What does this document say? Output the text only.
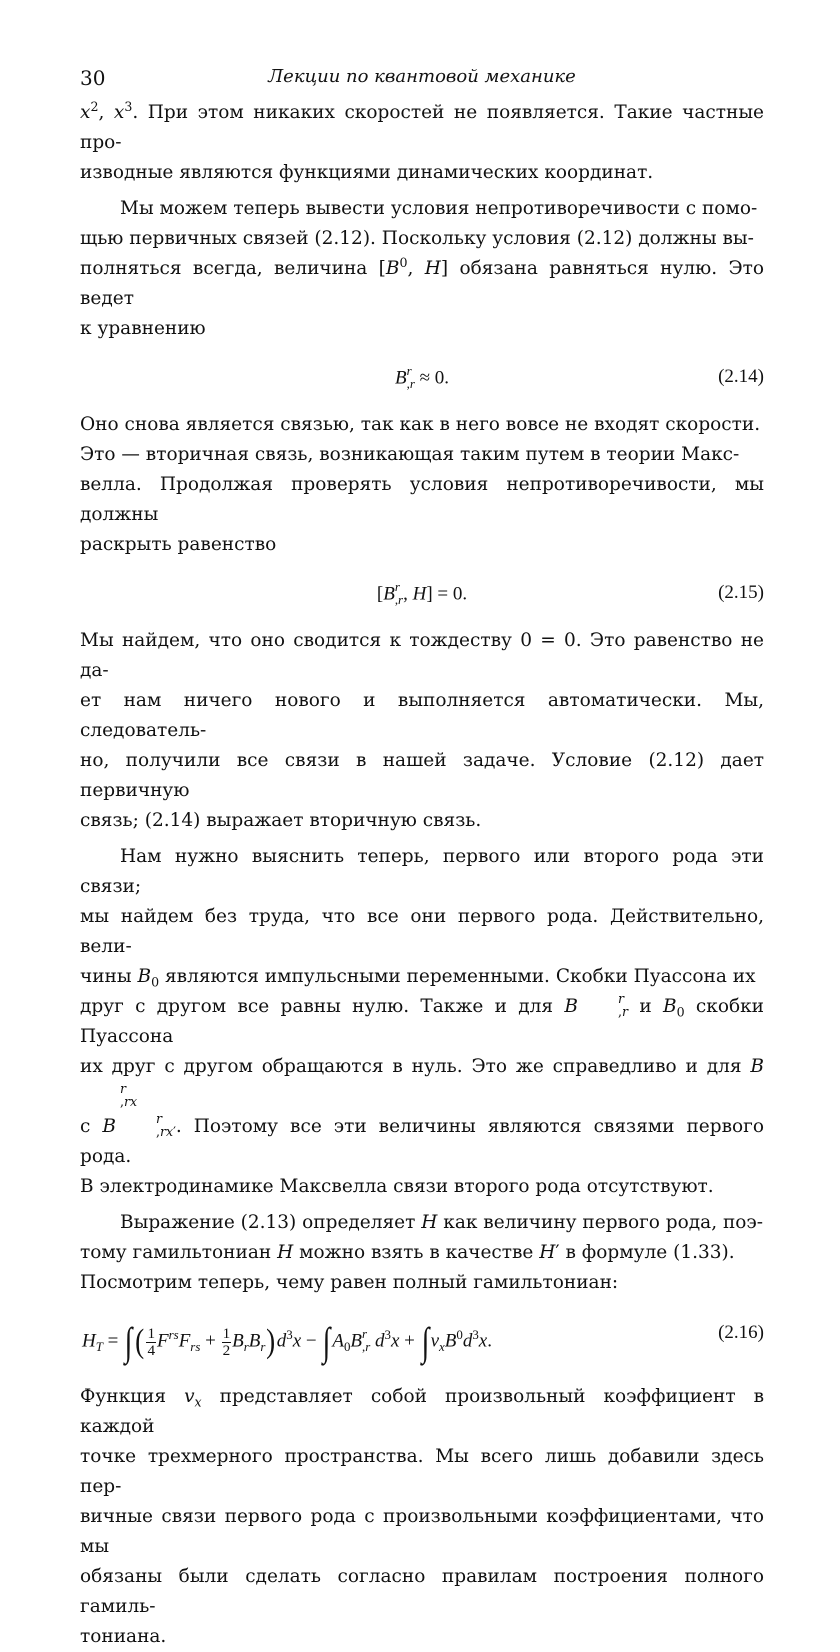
30	Лекции по квантовой механике

$x^2$, $x^3$. При этом никаких скоростей не появляется. Такие частные про-
изводные являются функциями динамических координат.

Мы можем теперь вывести условия непротиворечивости с помо-
щью первичных связей (2.12). Поскольку условия (2.12) должны вы-
полняться всегда, величина [$B^0$, H] обязана равняться нулю. Это ведет
к уравнению

B r
,r ≈ 0.	(2.14)

Оно снова является связью, так как в него вовсе не входят скорости.
Это — вторичная связь, возникающая таким путем в теории Макс-
велла. Продолжая проверять условия непротиворечивости, мы должны
раскрыть равенство

[B r
,r , H] = 0.	(2.15)

Мы найдем, что оно сводится к тождеству 0 = 0. Это равенство не да-
ет нам ничего нового и выполняется автоматически. Мы, следователь-
но, получили все связи в нашей задаче. Условие (2.12) дает первичную
связь; (2.14) выражает вторичную связь.

Нам нужно выяснить теперь, первого или второго рода эти связи;
мы найдем без труда, что все они первого рода. Действительно, вели-
чины $B_0$ являются импульсными переменными. Скобки Пуассона их
друг с другом все равны нулю. Также и для B	r
,r и $B_0$ скобки Пуассона
их друг с другом обращаются в нуль. Это же справедливо и для B
r
,rx

с B	r
,rx′ . Поэтому все эти величины являются связями первого рода.
В электродинамике Максвелла связи второго рода отсутствуют.

Выражение (2.13) определяет H как величину первого рода, поэ-
тому гамильтониан H можно взять в качестве H′ в формуле (1.33).
Посмотрим теперь, чему равен полный гамильтониан:

$H_T$ = ∫( $\frac{1}{4} F^{rs}F_{rs} + \frac{1}{2} B_rB_r)d^3x - \int A_0B$ r
,r $d^3x + \int v_xB^0d^3x$.	(2.16)

Функция $v_x$ представляет собой произвольный коэффициент в каждой
точке трехмерного пространства. Мы всего лишь добавили здесь пер-
вичные связи первого рода с произвольными коэффициентами, что мы
обязаны были сделать согласно правилам построения полного гамиль-
тониана.
